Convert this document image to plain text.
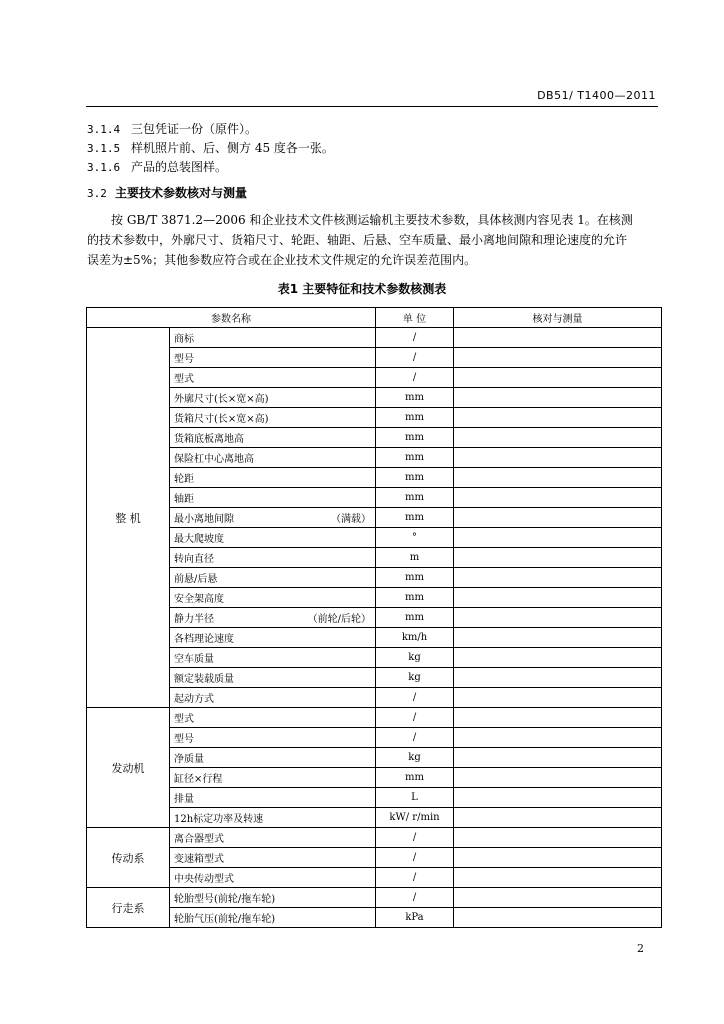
DB51/ T1400—2011
3.1.4 三包凭证一份（原件）。
3.1.5 样机照片前、后、侧方 45 度各一张。
3.1.6 产品的总装图样。
3.2 主要技术参数核对与测量
按 GB/T 3871.2—2006 和企业技术文件核测运输机主要技术参数，具体核测内容见表 1。在核测
的技术参数中，外廓尺寸、货箱尺寸、轮距、轴距、后悬、空车质量、最小离地间隙和理论速度的允许
误差为±5%；其他参数应符合或在企业技术文件规定的允许误差范围内。
表1 主要特征和技术参数核测表
参数名称		单 位	核对与测量
整 机	商标	/	
	型号	/	
	型式	/	
	外廓尺寸(长×宽×高)	mm	
	货箱尺寸(长×宽×高)	mm	
	货箱底板离地高	mm	
	保险杠中心离地高	mm	
	轮距	mm	
	轴距	mm	

	最小离地间隙 （满载）	mm	
	最大爬坡度	°	
	转向直径	m	
	前悬/后悬	mm	
	安全架高度	mm	

	静力半径 （前轮/后轮）	mm	
	各档理论速度	km/h	
	空车质量	kg	
	额定装载质量	kg	
	起动方式	/	
发动机	型式	/	
	型号	/	
	净质量	kg	
	缸径×行程	mm	
	排量	L	
	12h标定功率及转速	kW/ r/min	
传动系	离合器型式	/	
	变速箱型式	/	
	中央传动型式	/	
行走系	轮胎型号(前轮/拖车轮)	/	
	轮胎气压(前轮/拖车轮)	kPa	
2
